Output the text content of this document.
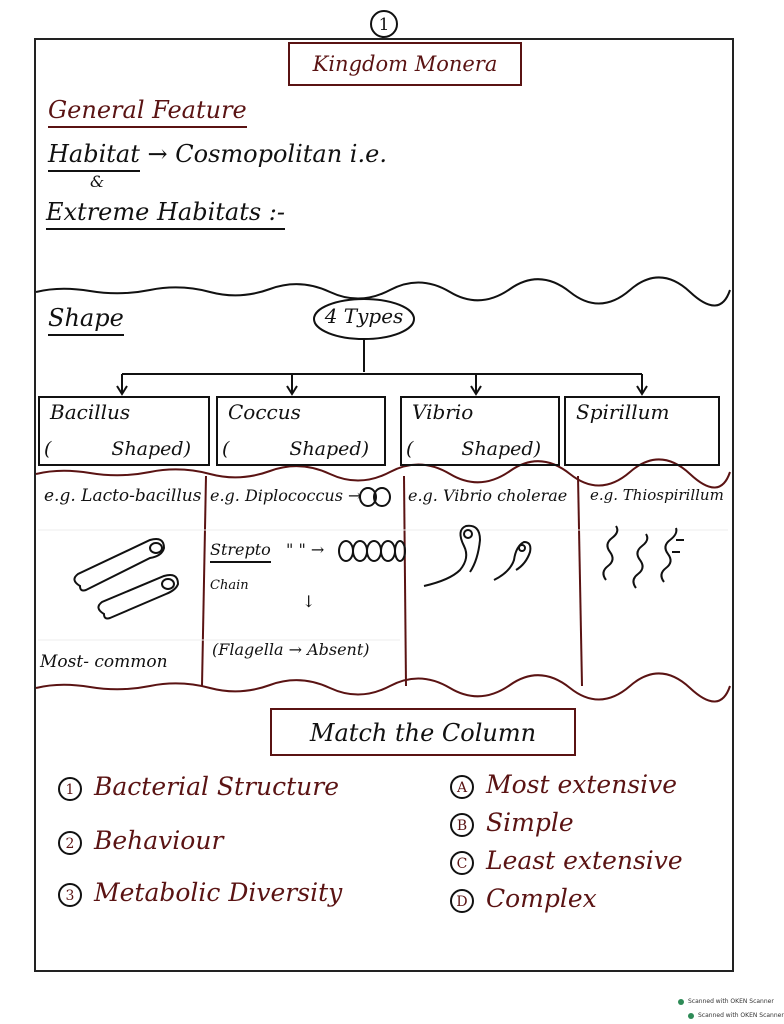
1
Kingdom Monera
General Feature
Habitat → Cosmopolitan i.e.
&
Extreme Habitats :-
Shape	4 Types
Bacillus
(	Shaped)
Coccus
(	Shaped)
Vibrio
(	Shaped)
Spirillum
e.g. Lacto-bacillus
Most- common
e.g. Diplococcus →
Strepto " " →
Chain
↓
(Flagella → Absent)
e.g. Vibrio cholerae e.g. Thiospirillum
Match the Column
1 Bacterial Structure
2 Behaviour
3 Metabolic Diversity
A Most extensive
B Simple
C Least extensive
D Complex
Scanned with OKEN Scanner
Scanned with OKEN Scanner
